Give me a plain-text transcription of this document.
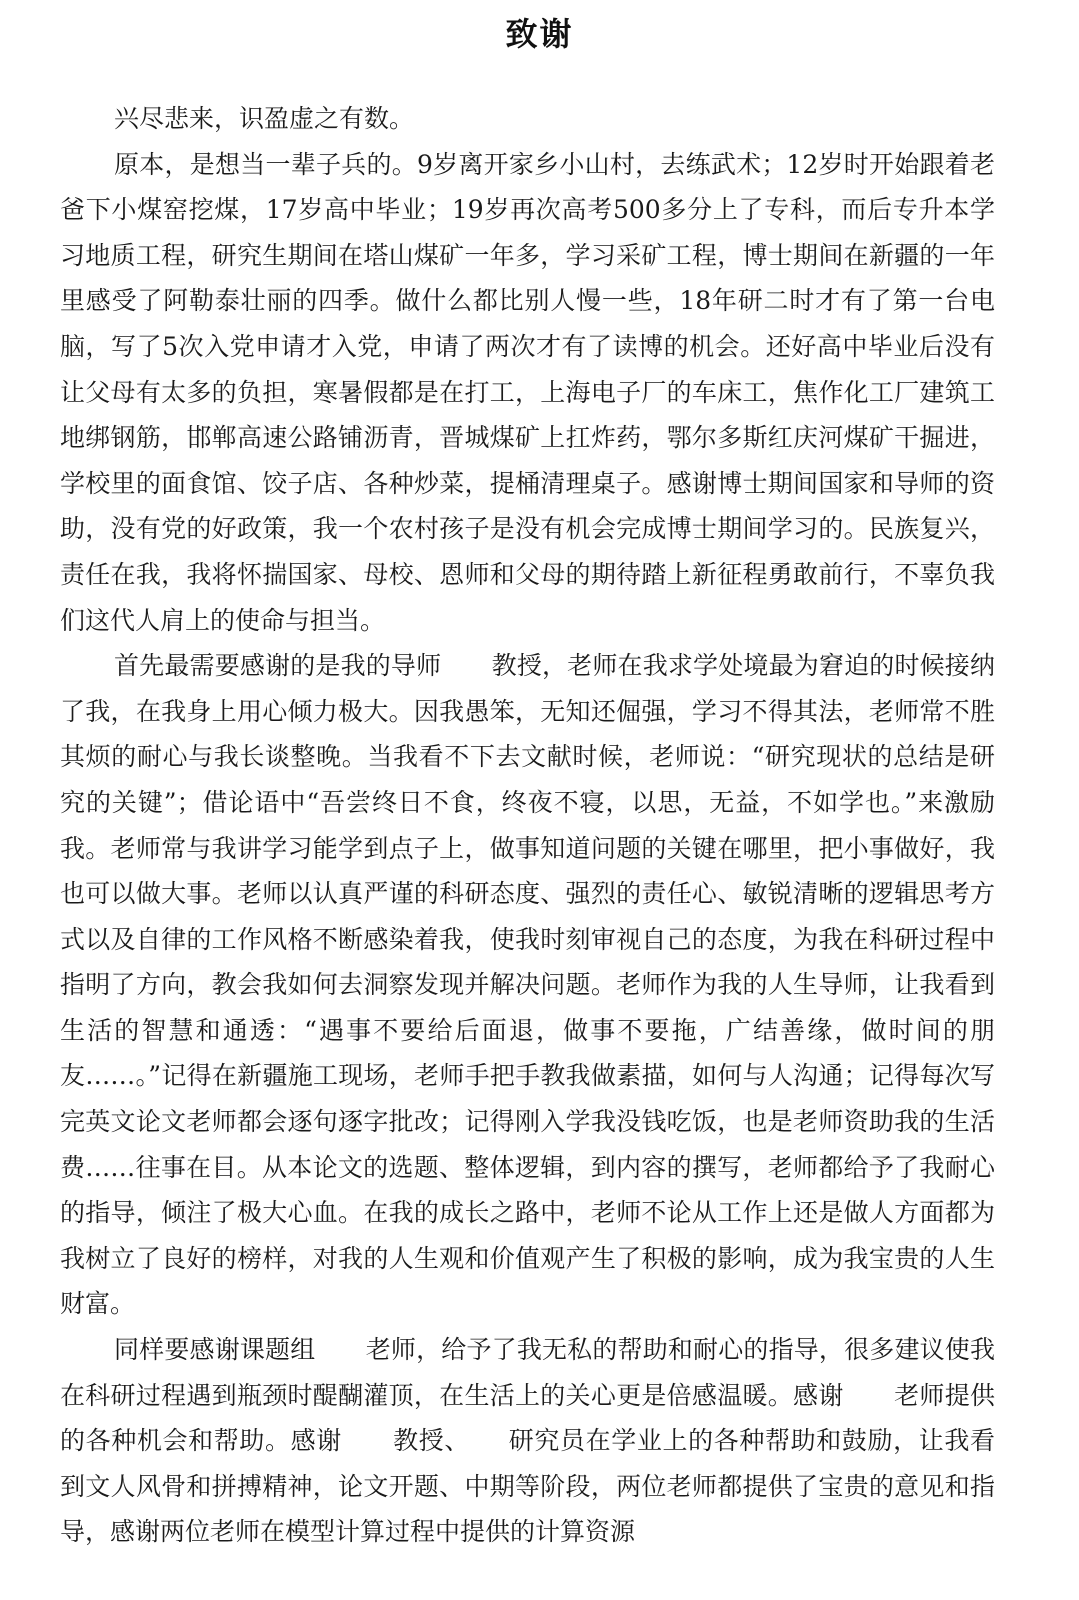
致谢

兴尽悲来，识盈虚之有数。

原本，是想当一辈子兵的。9岁离开家乡小山村，去练武术；12岁时开始跟着老爸下小煤窑挖煤，17岁高中毕业；19岁再次高考500多分上了专科，而后专升本学习地质工程，研究生期间在塔山煤矿一年多，学习采矿工程，博士期间在新疆的一年里感受了阿勒泰壮丽的四季。做什么都比别人慢一些，18年研二时才有了第一台电脑，写了5次入党申请才入党，申请了两次才有了读博的机会。还好高中毕业后没有让父母有太多的负担，寒暑假都是在打工，上海电子厂的车床工，焦作化工厂建筑工地绑钢筋，邯郸高速公路铺沥青，晋城煤矿上扛炸药，鄂尔多斯红庆河煤矿干掘进，学校里的面食馆、饺子店、各种炒菜，提桶清理桌子。感谢博士期间国家和导师的资助，没有党的好政策，我一个农村孩子是没有机会完成博士期间学习的。民族复兴，责任在我，我将怀揣国家、母校、恩师和父母的期待踏上新征程勇敢前行，不辜负我们这代人肩上的使命与担当。

首先最需要感谢的是我的导师　　教授，老师在我求学处境最为窘迫的时候接纳了我，在我身上用心倾力极大。因我愚笨，无知还倔强，学习不得其法，老师常不胜其烦的耐心与我长谈整晚。当我看不下去文献时候，老师说：“研究现状的总结是研究的关键”；借论语中“吾尝终日不食，终夜不寝，以思，无益，不如学也。”来激励我。老师常与我讲学习能学到点子上，做事知道问题的关键在哪里，把小事做好，我也可以做大事。老师以认真严谨的科研态度、强烈的责任心、敏锐清晰的逻辑思考方式以及自律的工作风格不断感染着我，使我时刻审视自己的态度，为我在科研过程中指明了方向，教会我如何去洞察发现并解决问题。老师作为我的人生导师，让我看到生活的智慧和通透：“遇事不要给后面退，做事不要拖，广结善缘，做时间的朋友……。”记得在新疆施工现场，老师手把手教我做素描，如何与人沟通；记得每次写完英文论文老师都会逐句逐字批改；记得刚入学我没钱吃饭，也是老师资助我的生活费……往事在目。从本论文的选题、整体逻辑，到内容的撰写，老师都给予了我耐心的指导，倾注了极大心血。在我的成长之路中，老师不论从工作上还是做人方面都为我树立了良好的榜样，对我的人生观和价值观产生了积极的影响，成为我宝贵的人生财富。

同样要感谢课题组　　老师，给予了我无私的帮助和耐心的指导，很多建议使我在科研过程遇到瓶颈时醍醐灌顶，在生活上的关心更是倍感温暖。感谢　　老师提供的各种机会和帮助。感谢　　教授、　　研究员在学业上的各种帮助和鼓励，让我看到文人风骨和拼搏精神，论文开题、中期等阶段，两位老师都提供了宝贵的意见和指导，感谢两位老师在模型计算过程中提供的计算资源
